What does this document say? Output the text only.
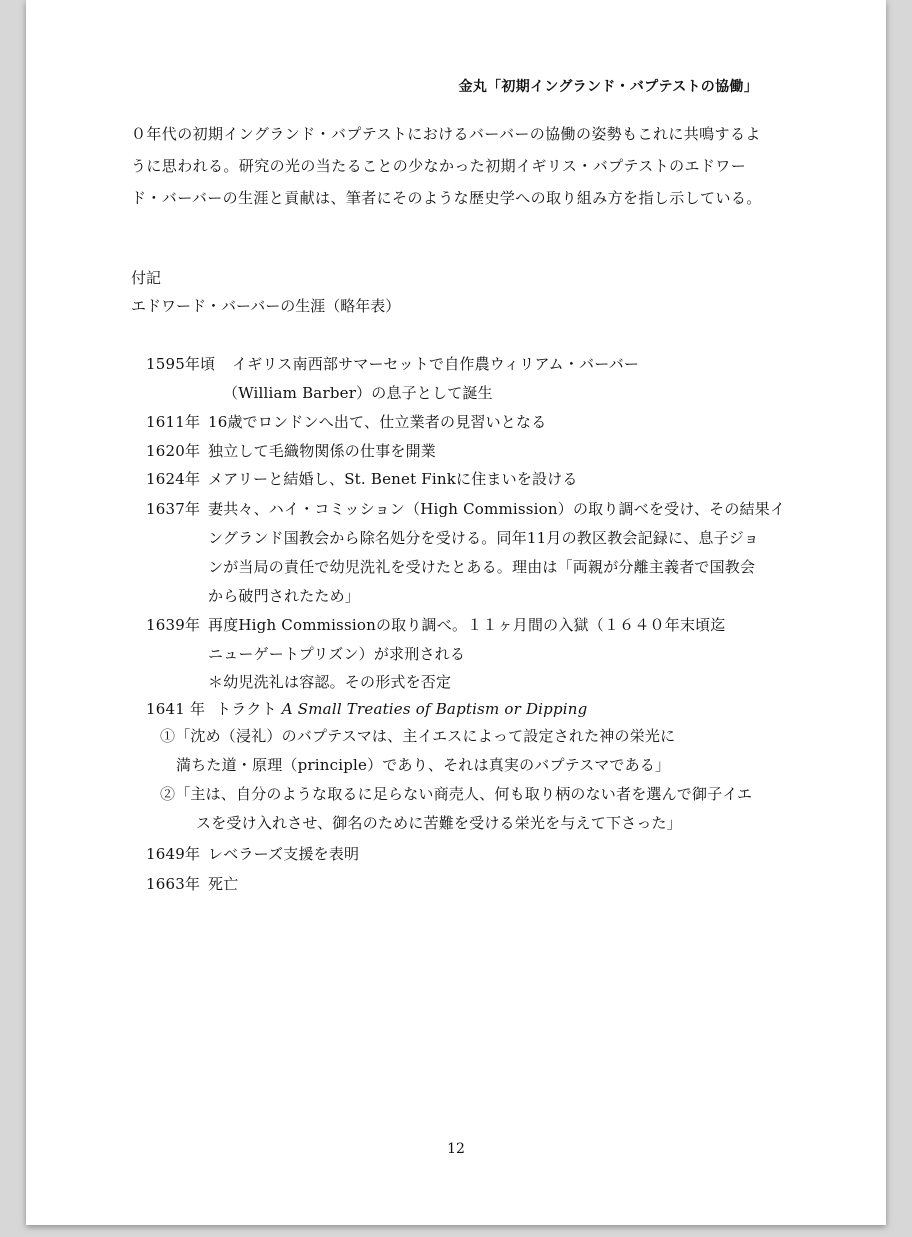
金丸「初期イングランド・バプテストの協働」
０年代の初期イングランド・バプテストにおけるバーバーの協働の姿勢もこれに共鳴するよ
うに思われる。研究の光の当たることの少なかった初期イギリス・バプテストのエドワー
ド・バーバーの生涯と貢献は、筆者にそのような歴史学への取り組み方を指し示している。
付記
エドワード・バーバーの生涯（略年表）
1595年頃 イギリス南西部サマーセットで自作農ウィリアム・バーバー
（William Barber）の息子として誕生
1611年 16歳でロンドンへ出て、仕立業者の見習いとなる
1620年 独立して毛織物関係の仕事を開業
1624年 メアリーと結婚し、St. Benet Finkに住まいを設ける
1637年 妻共々、ハイ・コミッション（High Commission）の取り調べを受け、その結果イ
ングランド国教会から除名処分を受ける。同年11月の教区教会記録に、息子ジョ
ンが当局の責任で幼児洗礼を受けたとある。理由は「両親が分離主義者で国教会
から破門されたため」
1639年 再度High Commissionの取り調べ。１１ヶ月間の入獄（１６４０年末頃迄
ニューゲートプリズン）が求刑される
＊幼児洗礼は容認。その形式を否定
1641 年 トラクト A Small Treaties of Baptism or Dipping
①「沈め（浸礼）のバプテスマは、主イエスによって設定された神の栄光に
満ちた道・原理（principle）であり、それは真実のバプテスマである」
②「主は、自分のような取るに足らない商売人、何も取り柄のない者を選んで御子イエ
スを受け入れさせ、御名のために苦難を受ける栄光を与えて下さった」
1649年 レベラーズ支援を表明
1663年 死亡
12
